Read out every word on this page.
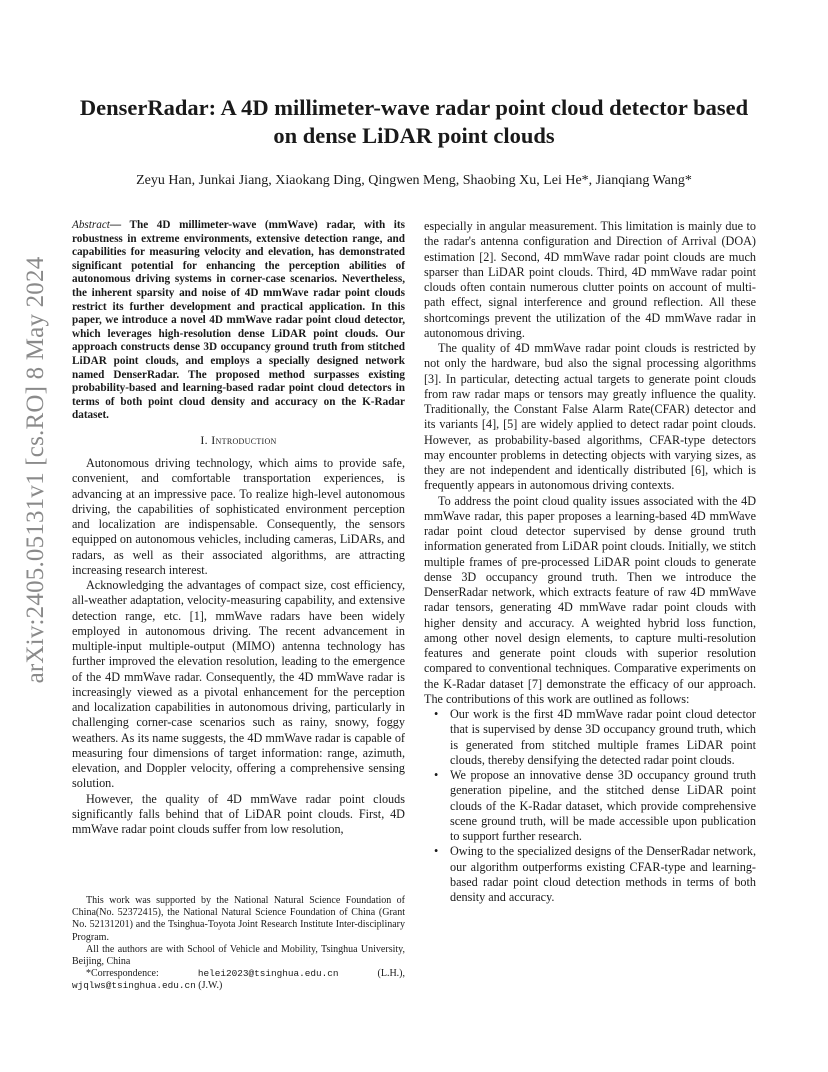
arXiv:2405.05131v1 [cs.RO] 8 May 2024
DenserRadar: A 4D millimeter-wave radar point cloud detector based on dense LiDAR point clouds
Zeyu Han, Junkai Jiang, Xiaokang Ding, Qingwen Meng, Shaobing Xu, Lei He*, Jianqiang Wang*

Abstract— The 4D millimeter-wave (mmWave) radar, with its robustness in extreme environments, extensive detection range, and capabilities for measuring velocity and elevation, has demonstrated significant potential for enhancing the perception abilities of autonomous driving systems in corner-case scenarios. Nevertheless, the inherent sparsity and noise of 4D mmWave radar point clouds restrict its further development and practical application. In this paper, we introduce a novel 4D mmWave radar point cloud detector, which leverages high-resolution dense LiDAR point clouds. Our approach constructs dense 3D occupancy ground truth from stitched LiDAR point clouds, and employs a specially designed network named DenserRadar. The proposed method surpasses existing probability-based and learning-based radar point cloud detectors in terms of both point cloud density and accuracy on the K-Radar dataset.

I. Introduction

Autonomous driving technology, which aims to provide safe, convenient, and comfortable transportation experiences, is advancing at an impressive pace. To realize high-level autonomous driving, the capabilities of sophisticated environment perception and localization are indispensable. Consequently, the sensors equipped on autonomous vehicles, including cameras, LiDARs, and radars, as well as their associated algorithms, are attracting increasing research interest.

Acknowledging the advantages of compact size, cost efficiency, all-weather adaptation, velocity-measuring capability, and extensive detection range, etc. [1], mmWave radars have been widely employed in autonomous driving. The recent advancement in multiple-input multiple-output (MIMO) antenna technology has further improved the elevation resolution, leading to the emergence of the 4D mmWave radar. Consequently, the 4D mmWave radar is increasingly viewed as a pivotal enhancement for the perception and localization capabilities in autonomous driving, particularly in challenging corner-case scenarios such as rainy, snowy, foggy weathers. As its name suggests, the 4D mmWave radar is capable of measuring four dimensions of target information: range, azimuth, elevation, and Doppler velocity, offering a comprehensive sensing solution.

However, the quality of 4D mmWave radar point clouds significantly falls behind that of LiDAR point clouds. First, 4D mmWave radar point clouds suffer from low resolution,

especially in angular measurement. This limitation is mainly due to the radar's antenna configuration and Direction of Arrival (DOA) estimation [2]. Second, 4D mmWave radar point clouds are much sparser than LiDAR point clouds. Third, 4D mmWave radar point clouds often contain numerous clutter points on account of multi-path effect, signal interference and ground reflection. All these shortcomings prevent the utilization of the 4D mmWave radar in autonomous driving.

The quality of 4D mmWave radar point clouds is restricted by not only the hardware, bud also the signal processing algorithms [3]. In particular, detecting actual targets to generate point clouds from raw radar maps or tensors may greatly influence the quality. Traditionally, the Constant False Alarm Rate(CFAR) detector and its variants [4], [5] are widely applied to detect radar point clouds. However, as probability-based algorithms, CFAR-type detectors may encounter problems in detecting objects with varying sizes, as they are not independent and identically distributed [6], which is frequently appears in autonomous driving contexts.

To address the point cloud quality issues associated with the 4D mmWave radar, this paper proposes a learning-based 4D mmWave radar point cloud detector supervised by dense ground truth information generated from LiDAR point clouds. Initially, we stitch multiple frames of pre-processed LiDAR point clouds to generate dense 3D occupancy ground truth. Then we introduce the DenserRadar network, which extracts feature of raw 4D mmWave radar tensors, generating 4D mmWave radar point clouds with higher density and accuracy. A weighted hybrid loss function, among other novel design elements, to capture multi-resolution features and generate point clouds with superior resolution compared to conventional techniques. Comparative experiments on the K-Radar dataset [7] demonstrate the efficacy of our approach. The contributions of this work are outlined as follows:

• Our work is the first 4D mmWave radar point cloud detector that is supervised by dense 3D occupancy ground truth, which is generated from stitched multiple frames LiDAR point clouds, thereby densifying the detected radar point clouds.
• We propose an innovative dense 3D occupancy ground truth generation pipeline, and the stitched dense LiDAR point clouds of the K-Radar dataset, which provide comprehensive scene ground truth, will be made accessible upon publication to support further research.
• Owing to the specialized designs of the DenserRadar network, our algorithm outperforms existing CFAR-type and learning-based radar point cloud detection methods in terms of both density and accuracy.

This work was supported by the National Natural Science Foundation of China(No. 52372415), the National Natural Science Foundation of China (Grant No. 52131201) and the Tsinghua-Toyota Joint Research Institute Inter-disciplinary Program.

All the authors are with School of Vehicle and Mobility, Tsinghua University, Beijing, China

*Correspondence:	helei2023@tsinghua.edu.cn	(L.H.), wjqlws@tsinghua.edu.cn (J.W.)
